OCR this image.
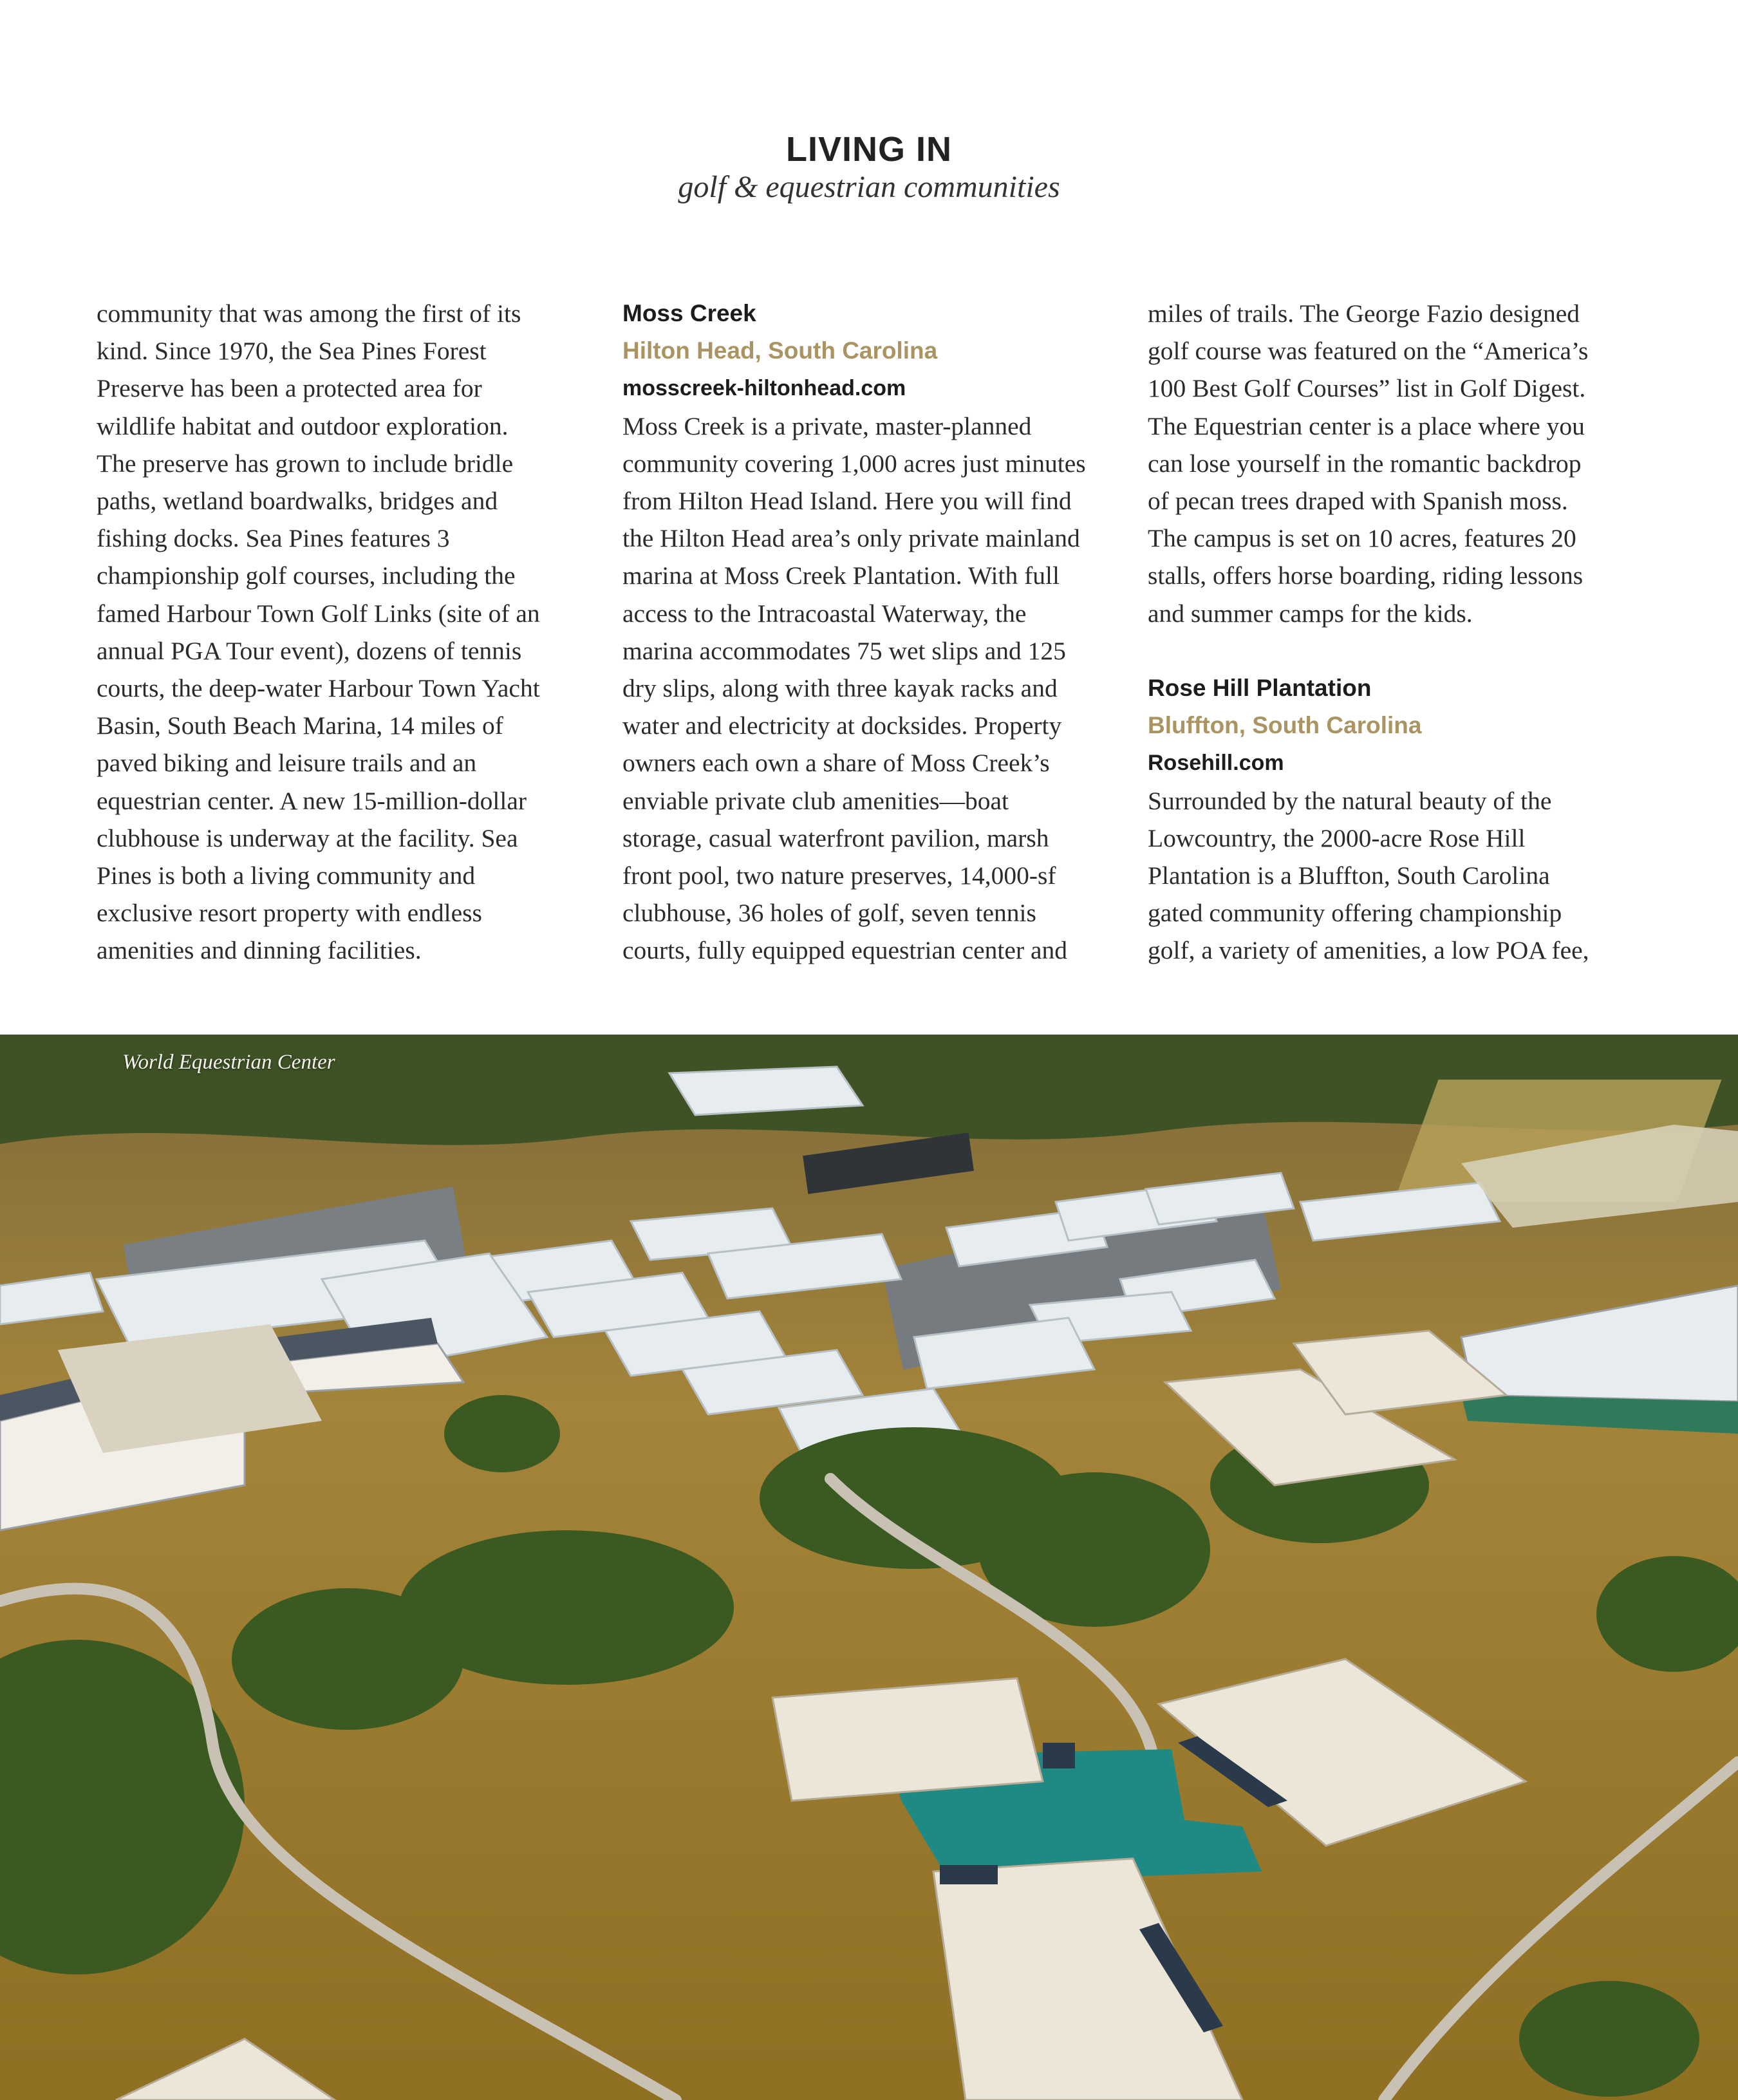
LIVING IN
golf & equestrian communities
community that was among the first of its
kind. Since 1970, the Sea Pines Forest
Preserve has been a protected area for
wildlife habitat and outdoor exploration.
The preserve has grown to include bridle
paths, wetland boardwalks, bridges and
fishing docks. Sea Pines features 3
championship golf courses, including the
famed Harbour Town Golf Links (site of an
annual PGA Tour event), dozens of tennis
courts, the deep-water Harbour Town Yacht
Basin, South Beach Marina, 14 miles of
paved biking and leisure trails and an
equestrian center. A new 15-million-dollar
clubhouse is underway at the facility. Sea
Pines is both a living community and
exclusive resort property with endless
amenities and dinning facilities.
Moss Creek
Hilton Head, South Carolina
mosscreek-hiltonhead.com
Moss Creek is a private, master-planned
community covering 1,000 acres just minutes
from Hilton Head Island. Here you will find
the Hilton Head area’s only private mainland
marina at Moss Creek Plantation. With full
access to the Intracoastal Waterway, the
marina accommodates 75 wet slips and 125
dry slips, along with three kayak racks and
water and electricity at docksides. Property
owners each own a share of Moss Creek’s
enviable private club amenities—boat
storage, casual waterfront pavilion, marsh
front pool, two nature preserves, 14,000-sf
clubhouse, 36 holes of golf, seven tennis
courts, fully equipped equestrian center and
miles of trails. The George Fazio designed
golf course was featured on the “America’s
100 Best Golf Courses” list in Golf Digest.
The Equestrian center is a place where you
can lose yourself in the romantic backdrop
of pecan trees draped with Spanish moss.
The campus is set on 10 acres, features 20
stalls, offers horse boarding, riding lessons
and summer camps for the kids.
Rose Hill Plantation
Bluffton, South Carolina
Rosehill.com
Surrounded by the natural beauty of the
Lowcountry, the 2000-acre Rose Hill
Plantation is a Bluffton, South Carolina
gated community offering championship
golf, a variety of amenities, a low POA fee,
World Equestrian Center
